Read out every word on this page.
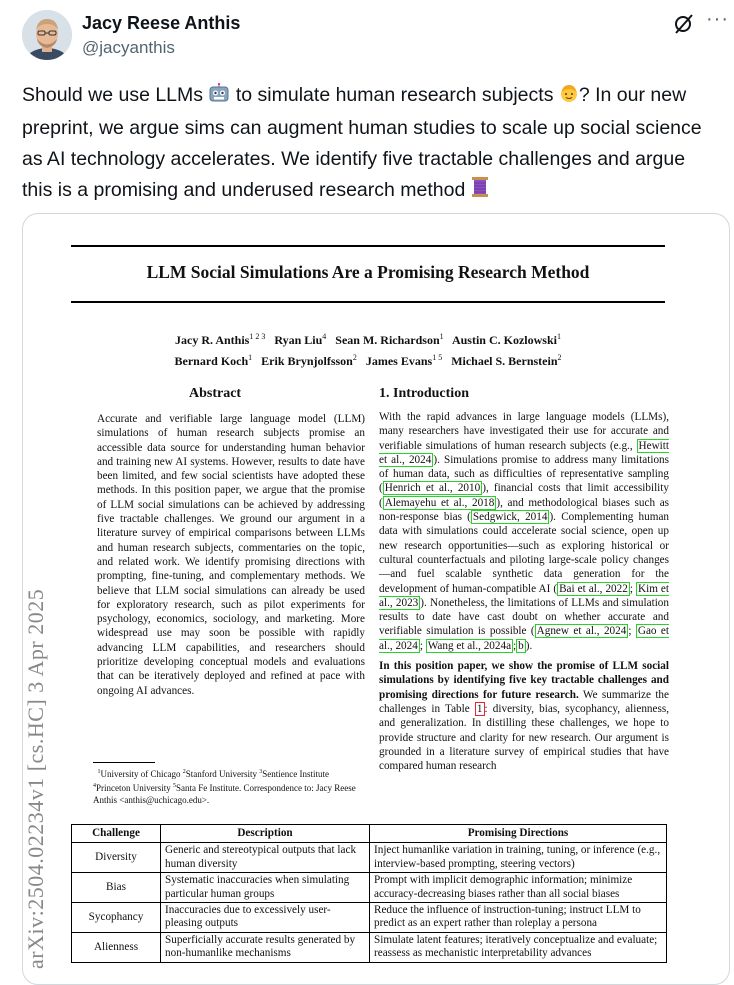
Jacy Reese Anthis
@jacyanthis
···
Should we use LLMs  to simulate human research subjects ? In our new preprint, we argue sims can augment human studies to scale up social science as AI technology accelerates. We identify five tractable challenges and argue this is a promising and underused research method
LLM Social Simulations Are a Promising Research Method
Jacy R. Anthis$^{1 2 3}$ Ryan Liu$^4$ Sean M. Richardson$^1$ Austin C. Kozlowski$^1$
Bernard Koch$^1$ Erik Brynjolfsson$^2$ James Evans$^{1 5}$ Michael S. Bernstein$^2$
arXiv:2504.02234v1 [cs.HC] 3 Apr 2025
Abstract
Accurate and verifiable large language model (LLM) simulations of human research subjects promise an accessible data source for understanding human behavior and training new AI systems. However, results to date have been limited, and few social scientists have adopted these methods. In this position paper, we argue that the promise of LLM social simulations can be achieved by addressing five tractable challenges. We ground our argument in a literature survey of empirical comparisons between LLMs and human research subjects, commentaries on the topic, and related work. We identify promising directions with prompting, fine-tuning, and complementary methods. We believe that LLM social simulations can already be used for exploratory research, such as pilot experiments for psychology, economics, sociology, and marketing. More widespread use may soon be possible with rapidly advancing LLM capabilities, and researchers should prioritize developing conceptual models and evaluations that can be iteratively deployed and refined at pace with ongoing AI advances.
1. Introduction

With the rapid advances in large language models (LLMs), many researchers have investigated their use for accurate and verifiable simulations of human research subjects (e.g., Hewitt et al., 2024 ). Simulations promise to address many limitations of human data, such as difficulties of representative sampling ( Henrich et al., 2010 ), financial costs that limit accessibility ( Alemayehu et al., 2018 ), and methodological biases such as non-response bias ( Sedgwick, 2014 ). Complementing human data with simulations could accelerate social science, open up new research opportunities—such as exploring historical or cultural counterfactuals and piloting large-scale policy changes—and fuel scalable synthetic data generation for the development of human-compatible AI ( Bai et al., 2022 ; Kim et al., 2023 ). Nonetheless, the limitations of LLMs and simulation results to date have cast doubt on whether accurate and verifiable simulation is possible ( Agnew et al., 2024 ; Gao et al., 2024 ; Wang et al., 2024a ; b ).

In this position paper, we show the promise of LLM social simulations by identifying five key tractable challenges and promising directions for future research. We summarize the challenges in Table 1 : diversity, bias, sycophancy, alienness, and generalization. In distilling these challenges, we hope to provide structure and clarity for new research. Our argument is grounded in a literature survey of empirical studies that have compared human research

$^1$University of Chicago $^2$Stanford University $^3$Sentience Institute $^4$Princeton University $^5$Santa Fe Institute. Correspondence to: Jacy Reese Anthis <anthis@uchicago.edu>.
Challenge	Description	Promising Directions
Diversity	Generic and stereotypical outputs that lack human diversity	Inject humanlike variation in training, tuning, or inference (e.g., interview-based prompting, steering vectors)
Bias	Systematic inaccuracies when simulating particular human groups	Prompt with implicit demographic information; minimize accuracy-decreasing biases rather than all social biases
Sycophancy	Inaccuracies due to excessively user-pleasing outputs	Reduce the influence of instruction-tuning; instruct LLM to predict as an expert rather than roleplay a persona
Alienness	Superficially accurate results generated by non-humanlike mechanisms	Simulate latent features; iteratively conceptualize and evaluate; reassess as mechanistic interpretability advances
